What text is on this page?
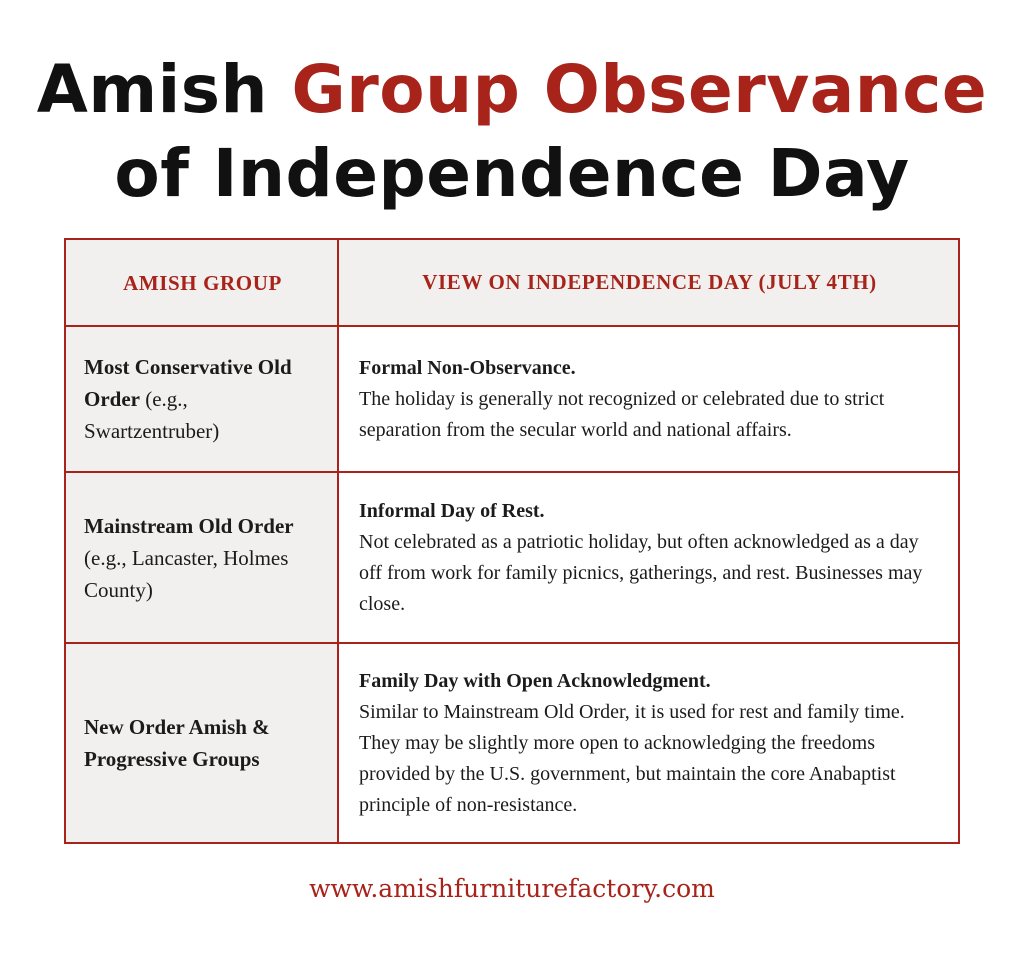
Amish Group Observance
of Independence Day
AMISH GROUP	VIEW ON INDEPENDENCE DAY (JULY 4TH)
Most Conservative Old Order (e.g., Swartzentruber)
Formal Non-Observance.
The holiday is generally not recognized or celebrated due to strict separation from the secular world and national affairs.
Mainstream Old Order (e.g., Lancaster, Holmes County)
Informal Day of Rest.
Not celebrated as a patriotic holiday, but often acknowledged as a day off from work for family picnics, gatherings, and rest. Businesses may close.
New Order Amish & Progressive Groups
Family Day with Open Acknowledgment.
Similar to Mainstream Old Order, it is used for rest and family time. They may be slightly more open to acknowledging the freedoms provided by the U.S. government, but maintain the core Anabaptist principle of non-resistance.
www.amishfurniturefactory.com
